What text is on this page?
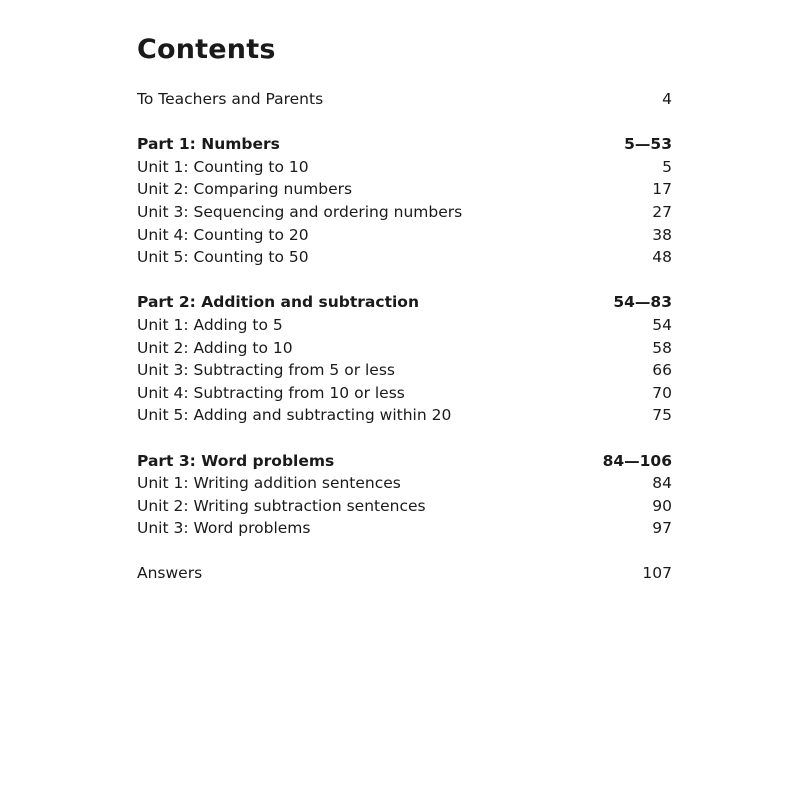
Contents
To Teachers and Parents	4
Part 1: Numbers	5—53
Unit 1: Counting to 10	5
Unit 2: Comparing numbers	17
Unit 3: Sequencing and ordering numbers	27
Unit 4: Counting to 20	38
Unit 5: Counting to 50	48
Part 2: Addition and subtraction	54—83
Unit 1: Adding to 5	54
Unit 2: Adding to 10	58
Unit 3: Subtracting from 5 or less	66
Unit 4: Subtracting from 10 or less	70
Unit 5: Adding and subtracting within 20	75
Part 3: Word problems	84—106
Unit 1: Writing addition sentences	84
Unit 2: Writing subtraction sentences	90
Unit 3: Word problems	97
Answers	107
